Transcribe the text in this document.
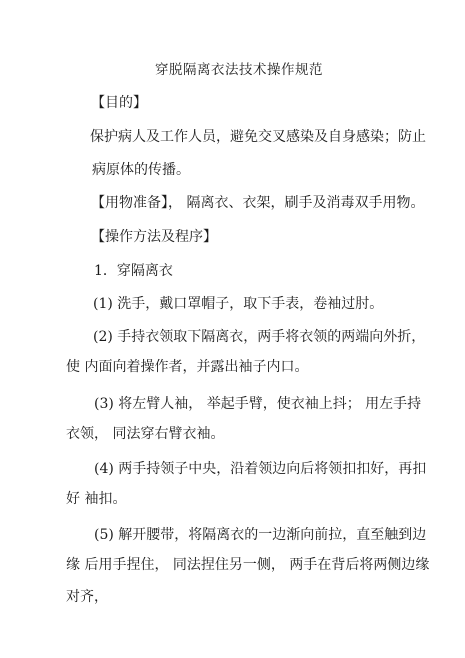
穿脱隔离衣法技术操作规范
【目的】
保护病人及工作人员，避免交叉感染及自身感染；防止
病原体的传播。
【用物准备】， 隔离衣、衣架，刷手及消毒双手用物。
【操作方法及程序】
1．穿隔离衣
(1) 洗手，戴口罩帽子，取下手表，卷袖过肘。
(2) 手持衣领取下隔离衣，两手将衣领的两端向外折，
使 内面向着操作者，并露出袖子内口。
(3) 将左臂人袖， 举起手臂，使衣袖上抖； 用左手持
衣领， 同法穿右臂衣袖。
(4) 两手持领子中央，沿着领边向后将领扣扣好，再扣
好 袖扣。
(5) 解开腰带，将隔离衣的一边渐向前拉，直至触到边
缘 后用手捏住， 同法捏住另一侧， 两手在背后将两侧边缘
对齐，
